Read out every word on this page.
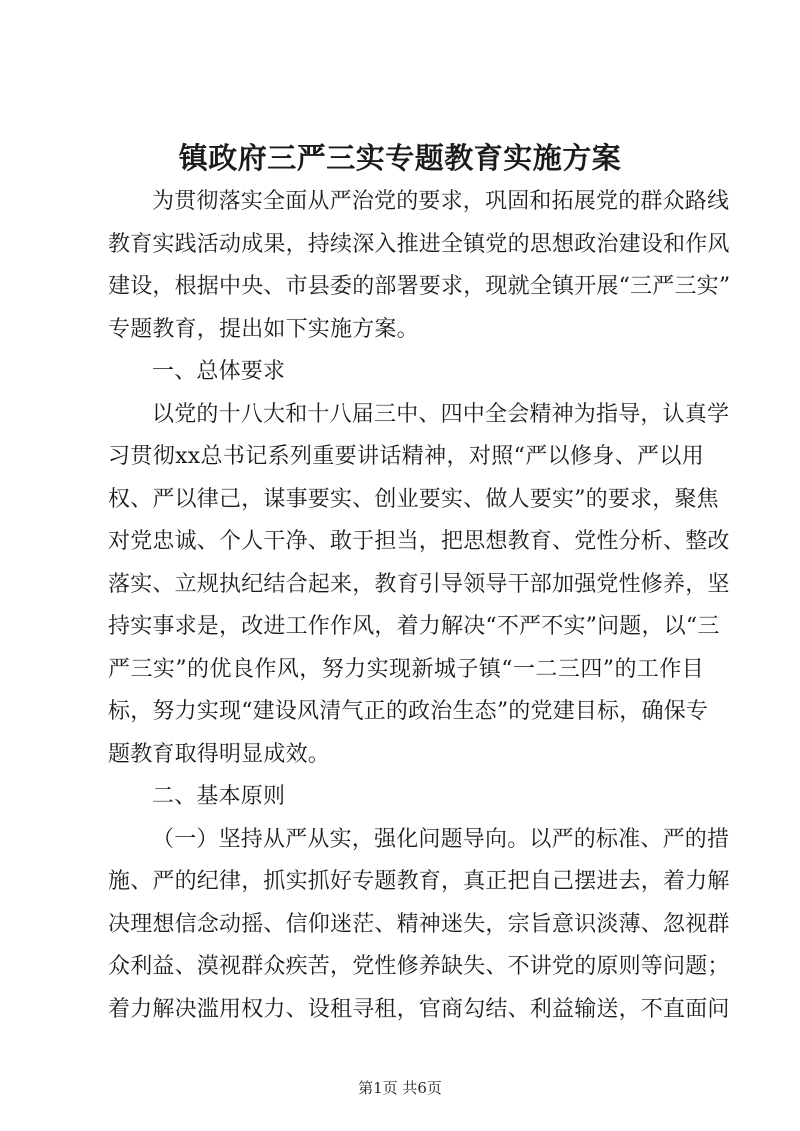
镇政府三严三实专题教育实施方案
为贯彻落实全面从严治党的要求，巩固和拓展党的群众路线
教育实践活动成果，持续深入推进全镇党的思想政治建设和作风
建设，根据中央、市县委的部署要求，现就全镇开展“三严三实”
专题教育，提出如下实施方案。
一、总体要求
以党的十八大和十八届三中、四中全会精神为指导，认真学
习贯彻xx总书记系列重要讲话精神，对照“严以修身、严以用
权、严以律己，谋事要实、创业要实、做人要实”的要求，聚焦
对党忠诚、个人干净、敢于担当，把思想教育、党性分析、整改
落实、立规执纪结合起来，教育引导领导干部加强党性修养，坚
持实事求是，改进工作作风，着力解决“不严不实”问题，以“三
严三实”的优良作风，努力实现新城子镇“一二三四”的工作目
标，努力实现“建设风清气正的政治生态”的党建目标，确保专
题教育取得明显成效。
二、基本原则
（一）坚持从严从实，强化问题导向。以严的标准、严的措
施、严的纪律，抓实抓好专题教育，真正把自己摆进去，着力解
决理想信念动摇、信仰迷茫、精神迷失，宗旨意识淡薄、忽视群
众利益、漠视群众疾苦，党性修养缺失、不讲党的原则等问题；
着力解决滥用权力、设租寻租，官商勾结、利益输送，不直面问
第1页 共6页
